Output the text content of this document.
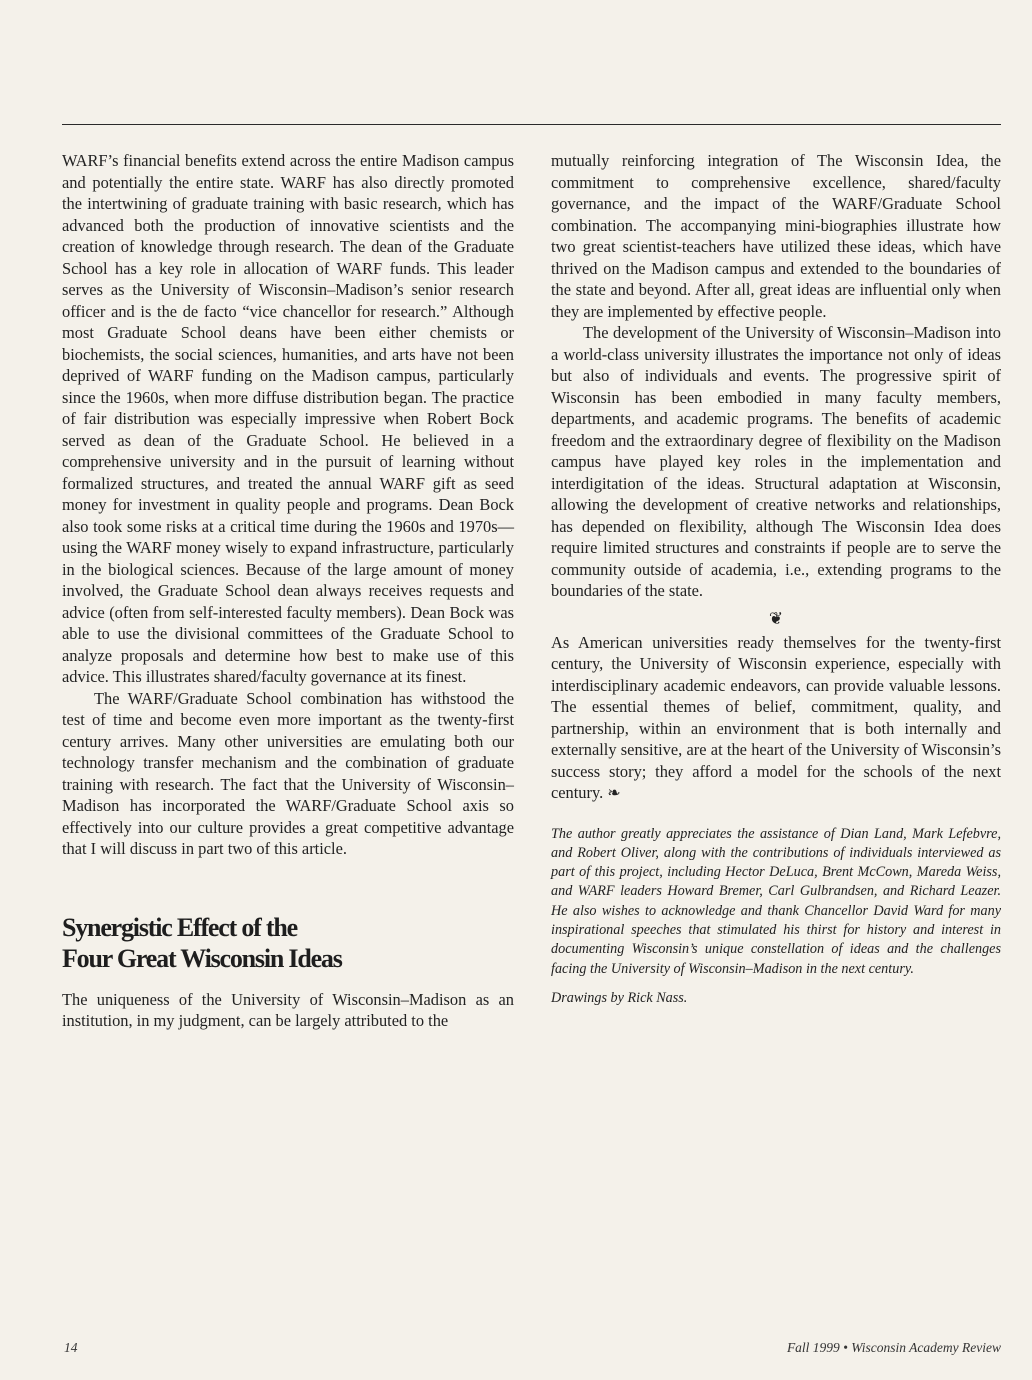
WARF’s financial benefits extend across the entire Madison campus and potentially the entire state. WARF has also directly promoted the intertwining of graduate training with basic research, which has advanced both the production of innovative scientists and the creation of knowledge through research. The dean of the Graduate School has a key role in allocation of WARF funds. This leader serves as the University of Wisconsin–Madison’s senior research officer and is the de facto “vice chancellor for research.” Although most Graduate School deans have been either chemists or biochemists, the social sciences, humanities, and arts have not been deprived of WARF funding on the Madison campus, particularly since the 1960s, when more diffuse distribution began. The practice of fair distribution was especially impressive when Robert Bock served as dean of the Graduate School. He believed in a comprehensive university and in the pursuit of learning without formalized structures, and treated the annual WARF gift as seed money for investment in quality people and programs. Dean Bock also took some risks at a critical time during the 1960s and 1970s—using the WARF money wisely to expand infrastructure, particularly in the biological sciences. Because of the large amount of money involved, the Graduate School dean always receives requests and advice (often from self-interested faculty members). Dean Bock was able to use the divisional committees of the Graduate School to analyze proposals and determine how best to make use of this advice. This illustrates shared/faculty governance at its finest.

The WARF/Graduate School combination has withstood the test of time and become even more important as the twenty-first century arrives. Many other universities are emulating both our technology transfer mechanism and the combination of graduate training with research. The fact that the University of Wisconsin–Madison has incorporated the WARF/Graduate School axis so effectively into our culture provides a great competitive advantage that I will discuss in part two of this article.

Synergistic Effect of the
Four Great Wisconsin Ideas

The uniqueness of the University of Wisconsin–Madison as an institution, in my judgment, can be largely attributed to the

mutually reinforcing integration of The Wisconsin Idea, the commitment to comprehensive excellence, shared/faculty governance, and the impact of the WARF/Graduate School combination. The accompanying mini-biographies illustrate how two great scientist-teachers have utilized these ideas, which have thrived on the Madison campus and extended to the boundaries of the state and beyond. After all, great ideas are influential only when they are implemented by effective people.

The development of the University of Wisconsin–Madison into a world-class university illustrates the importance not only of ideas but also of individuals and events. The progressive spirit of Wisconsin has been embodied in many faculty members, departments, and academic programs. The benefits of academic freedom and the extraordinary degree of flexibility on the Madison campus have played key roles in the implementation and interdigitation of the ideas. Structural adaptation at Wisconsin, allowing the development of creative networks and relationships, has depended on flexibility, although The Wisconsin Idea does require limited structures and constraints if people are to serve the community outside of academia, i.e., extending programs to the boundaries of the state.

❦

As American universities ready themselves for the twenty-first century, the University of Wisconsin experience, especially with interdisciplinary academic endeavors, can provide valuable lessons. The essential themes of belief, commitment, quality, and partnership, within an environment that is both internally and externally sensitive, are at the heart of the University of Wisconsin’s success story; they afford a model for the schools of the next century. ❧

The author greatly appreciates the assistance of Dian Land, Mark Lefebvre, and Robert Oliver, along with the contributions of individuals interviewed as part of this project, including Hector DeLuca, Brent McCown, Mareda Weiss, and WARF leaders Howard Bremer, Carl Gulbrandsen, and Richard Leazer. He also wishes to acknowledge and thank Chancellor David Ward for many inspirational speeches that stimulated his thirst for history and interest in documenting Wisconsin’s unique constellation of ideas and the challenges facing the University of Wisconsin–Madison in the next century.

Drawings by Rick Nass.

14	Fall 1999 • Wisconsin Academy Review
